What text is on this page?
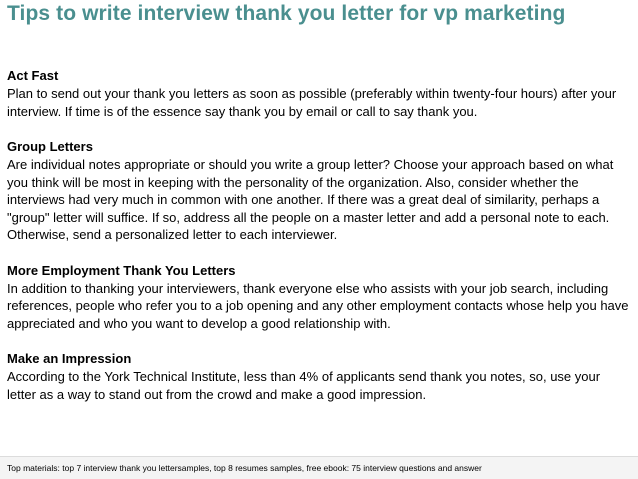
Tips to write interview thank you letter for vp marketing

Act Fast

Plan to send out your thank you letters as soon as possible (preferably within twenty-four hours) after your interview. If time is of the essence say thank you by email or call to say thank you.

Group Letters

Are individual notes appropriate or should you write a group letter? Choose your approach based on what you think will be most in keeping with the personality of the organization. Also, consider whether the interviews had very much in common with one another. If there was a great deal of similarity, perhaps a "group" letter will suffice. If so, address all the people on a master letter and add a personal note to each. Otherwise, send a personalized letter to each interviewer.

More Employment Thank You Letters

In addition to thanking your interviewers, thank everyone else who assists with your job search, including references, people who refer you to a job opening and any other employment contacts whose help you have appreciated and who you want to develop a good relationship with.

Make an Impression

According to the York Technical Institute, less than 4% of applicants send thank you notes, so, use your letter as a way to stand out from the crowd and make a good impression.

Top materials: top 7 interview thank you lettersamples, top 8 resumes samples, free ebook: 75 interview questions and answer
